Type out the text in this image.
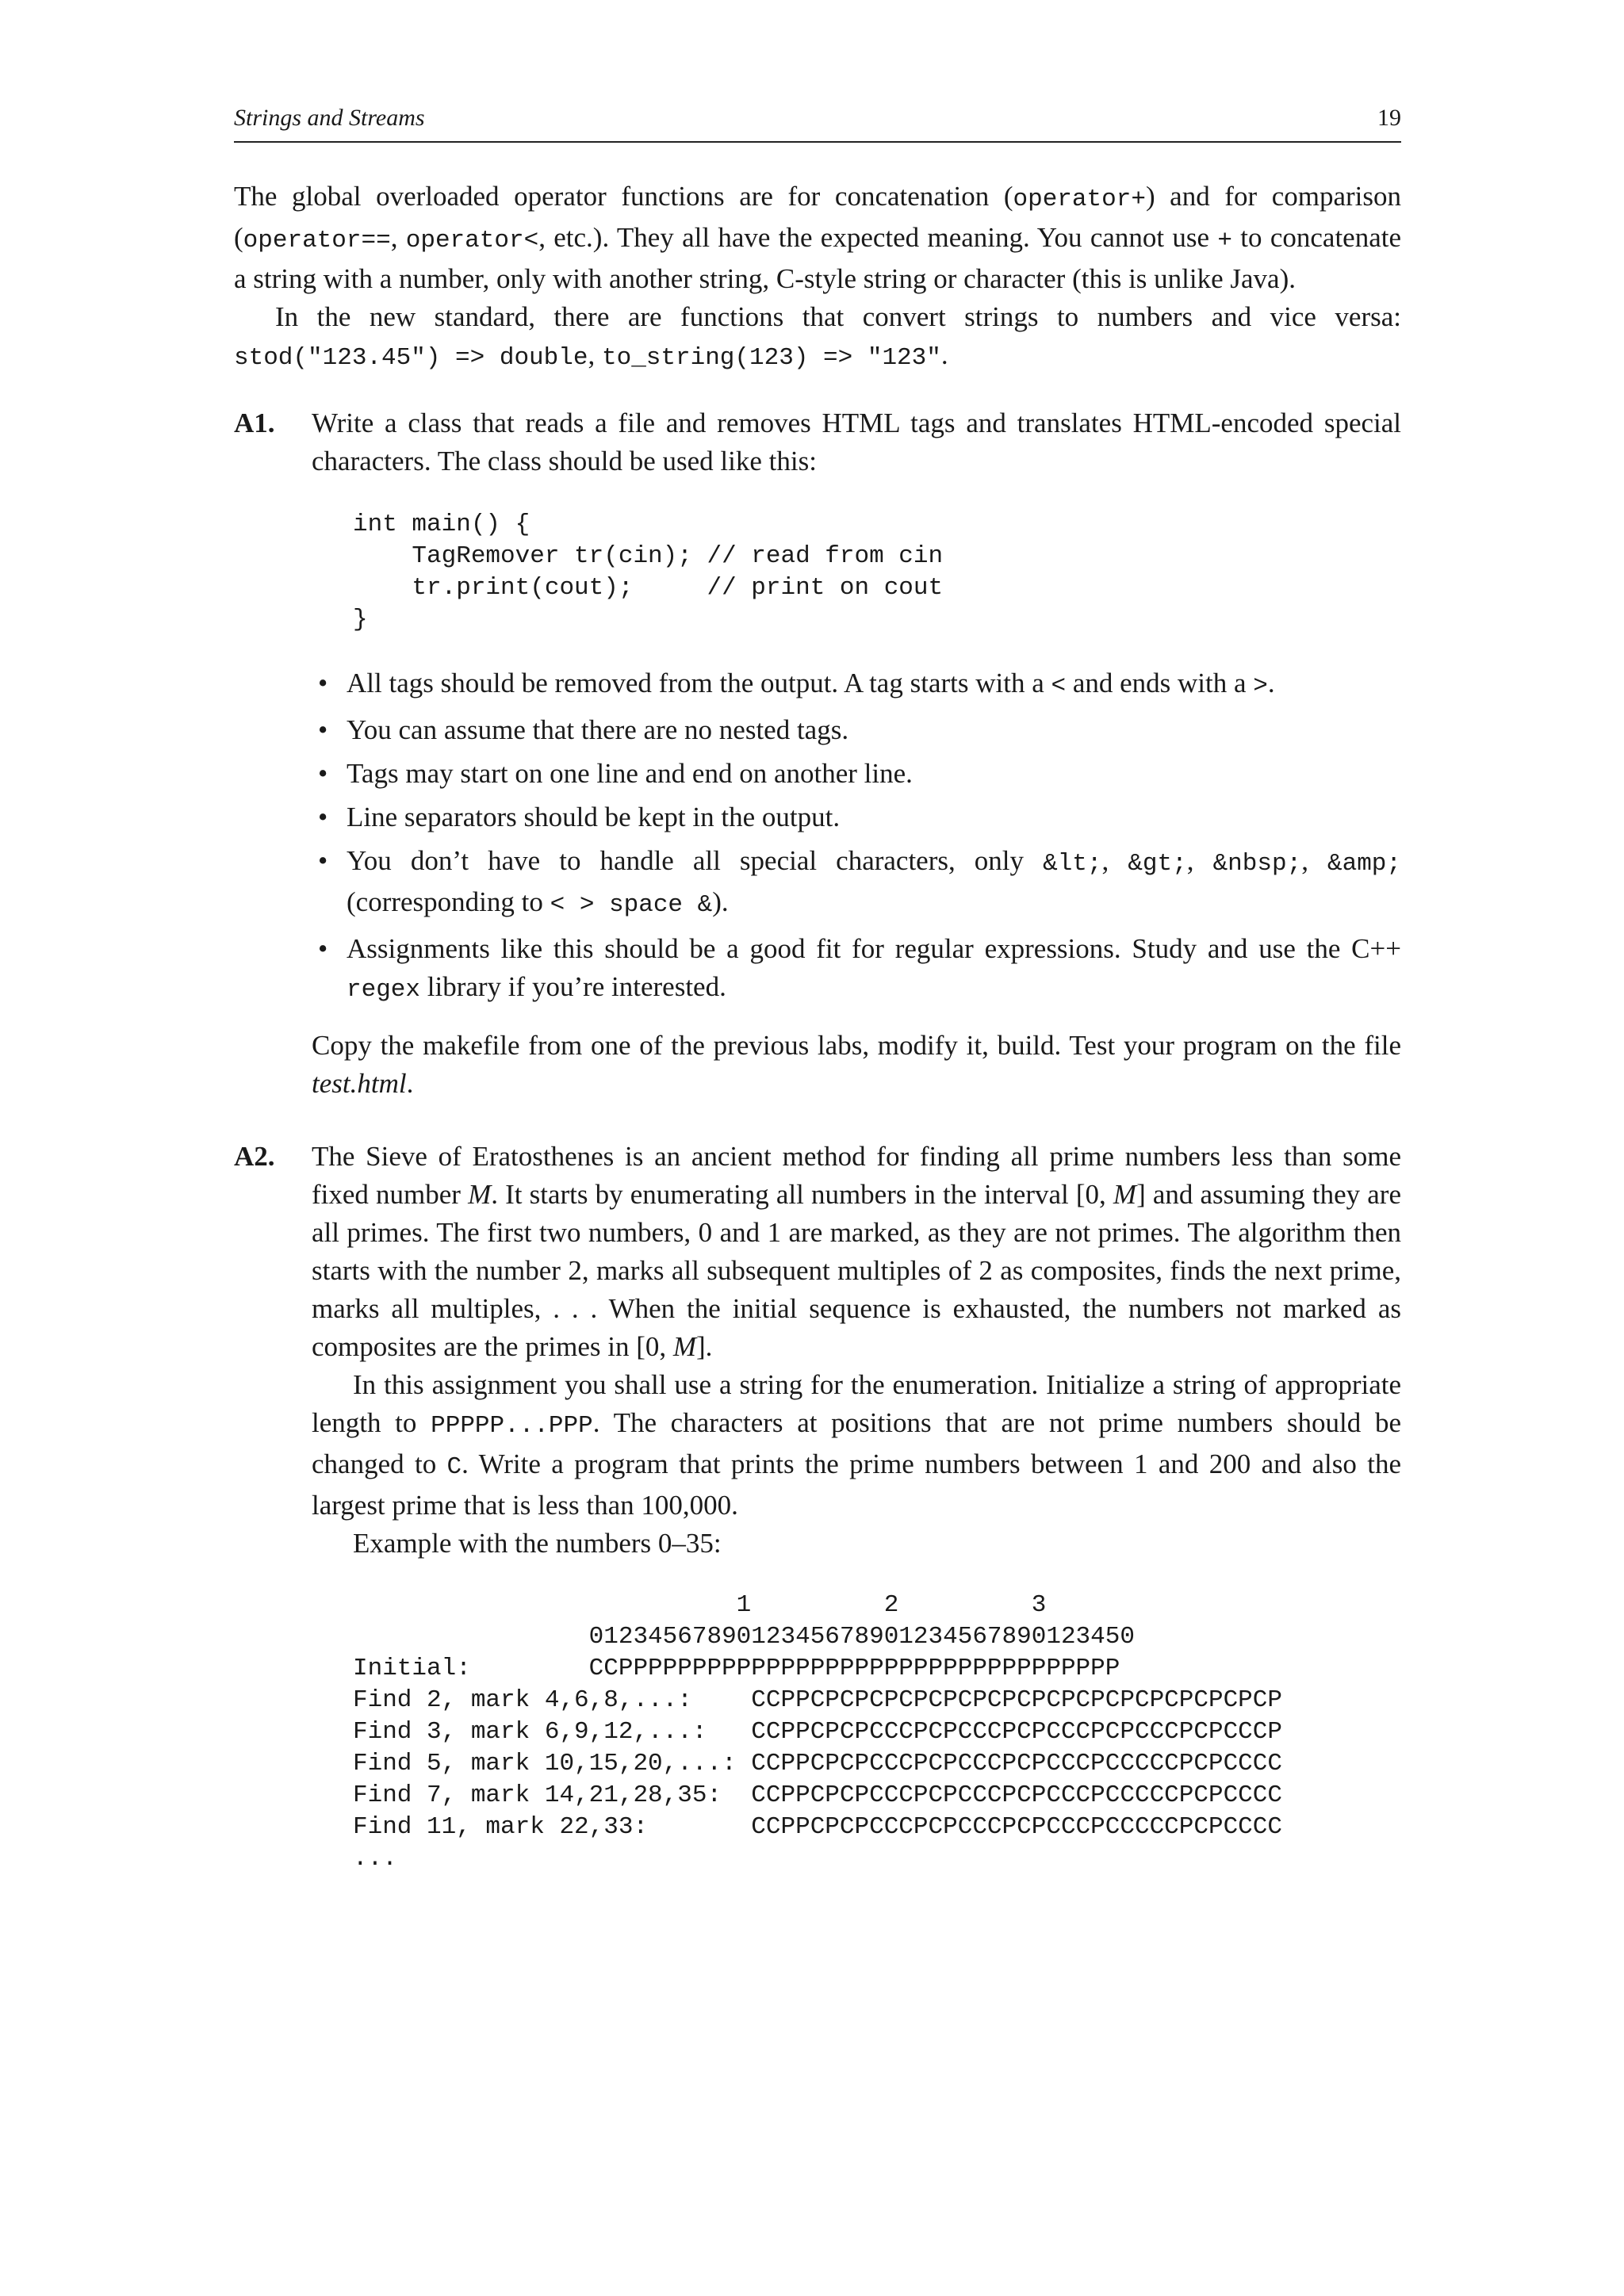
Strings and Streams	19

The global overloaded operator functions are for concatenation (operator+) and for comparison (operator==, operator<, etc.). They all have the expected meaning. You cannot use + to concatenate a string with a number, only with another string, C-style string or character (this is unlike Java).

In the new standard, there are functions that convert strings to numbers and vice versa: stod("123.45") => double, to_string(123) => "123".

A1.	Write a class that reads a file and removes HTML tags and translates HTML-encoded special characters. The class should be used like this:

int main() {
TagRemover tr(cin); // read from cin
tr.print(cout);     // print on cout
}
• All tags should be removed from the output. A tag starts with a < and ends with a >.
• You can assume that there are no nested tags.
• Tags may start on one line and end on another line.
• Line separators should be kept in the output.
• You don’t have to handle all special characters, only &lt;, &gt;, &nbsp;, &amp; (corresponding to < > space &).
• Assignments like this should be a good fit for regular expressions. Study and use the C++ regex library if you’re interested.

Copy the makefile from one of the previous labs, modify it, build. Test your program on the file test.html.

A2.	The Sieve of Eratosthenes is an ancient method for finding all prime numbers less than some fixed number M. It starts by enumerating all numbers in the interval [0, M] and assuming they are all primes. The first two numbers, 0 and 1 are marked, as they are not primes. The algorithm then starts with the number 2, marks all subsequent multiples of 2 as composites, finds the next prime, marks all multiples, . . . When the initial sequence is exhausted, the numbers not marked as composites are the primes in [0, M].

In this assignment you shall use a string for the enumeration. Initialize a string of appropriate length to PPPPP...PPP. The characters at positions that are not prime numbers should be changed to C. Write a program that prints the prime numbers between 1 and 200 and also the largest prime that is less than 100,000.

Example with the numbers 0–35:

1         2         3
0123456789012345678901234567890123450
Initial:        CCPPPPPPPPPPPPPPPPPPPPPPPPPPPPPPPPPP
Find 2, mark 4,6,8,...:    CCPPCPCPCPCPCPCPCPCPCPCPCPCPCPCPCPCP
Find 3, mark 6,9,12,...:   CCPPCPCPCCCPCPCCCPCPCCCPCPCCCPCPCCCP
Find 5, mark 10,15,20,...: CCPPCPCPCCCPCPCCCPCPCCCPCCCCCPCPCCCC
Find 7, mark 14,21,28,35:  CCPPCPCPCCCPCPCCCPCPCCCPCCCCCPCPCCCC
Find 11, mark 22,33:       CCPPCPCPCCCPCPCCCPCPCCCPCCCCCPCPCCCC
...
